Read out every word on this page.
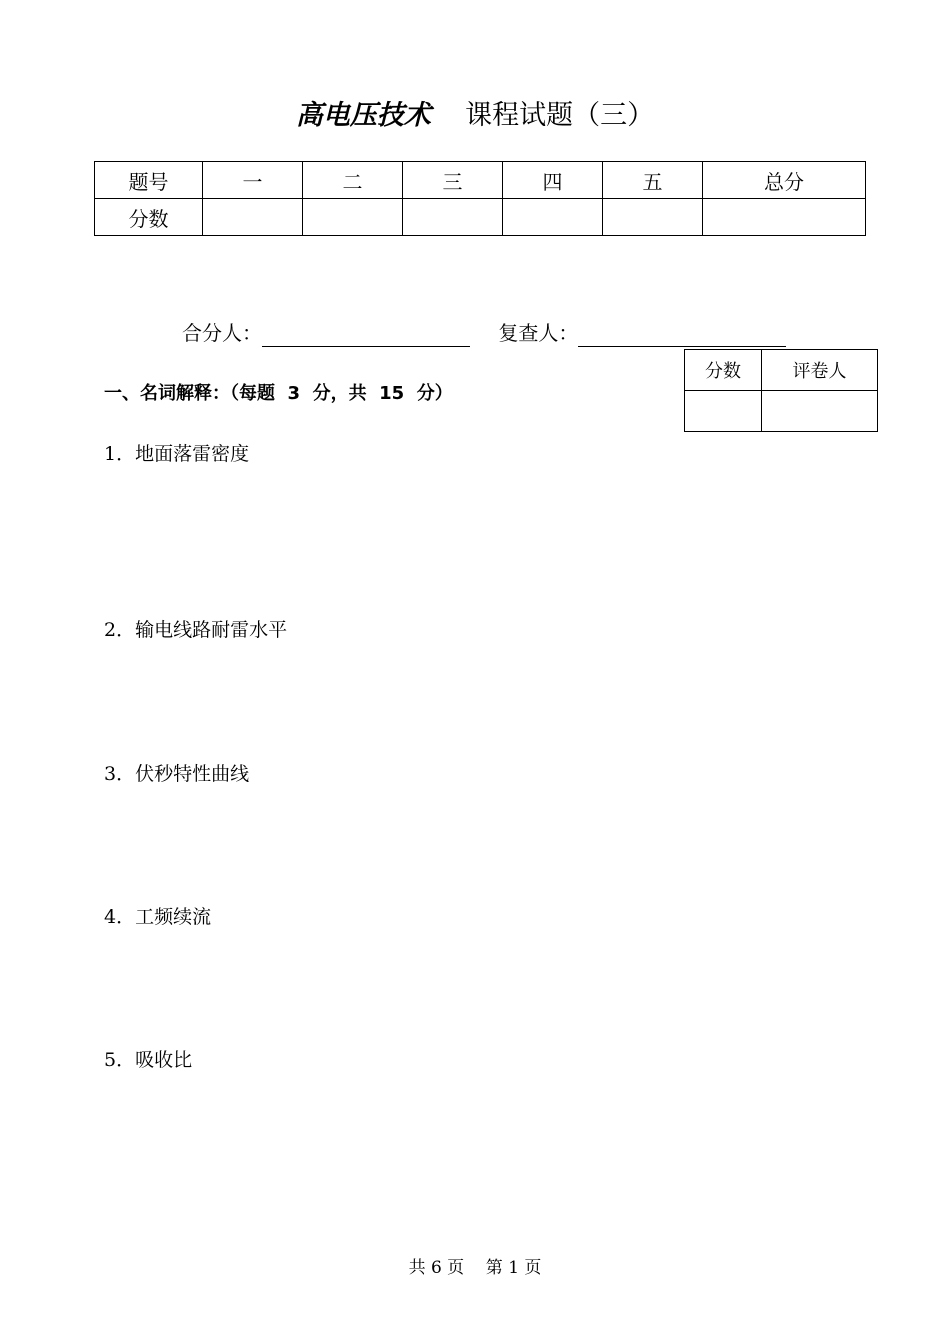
高电压技术 课程试题（三）
题号	一	二	三	四	五	总分
分数						
合分人：	复查人：
分数	评卷人

一、名词解释：（每题  3  分，共  15  分）
1．地面落雷密度
2．输电线路耐雷水平
3．伏秒特性曲线
4．工频续流
5．吸收比
共 6 页    第 1 页
